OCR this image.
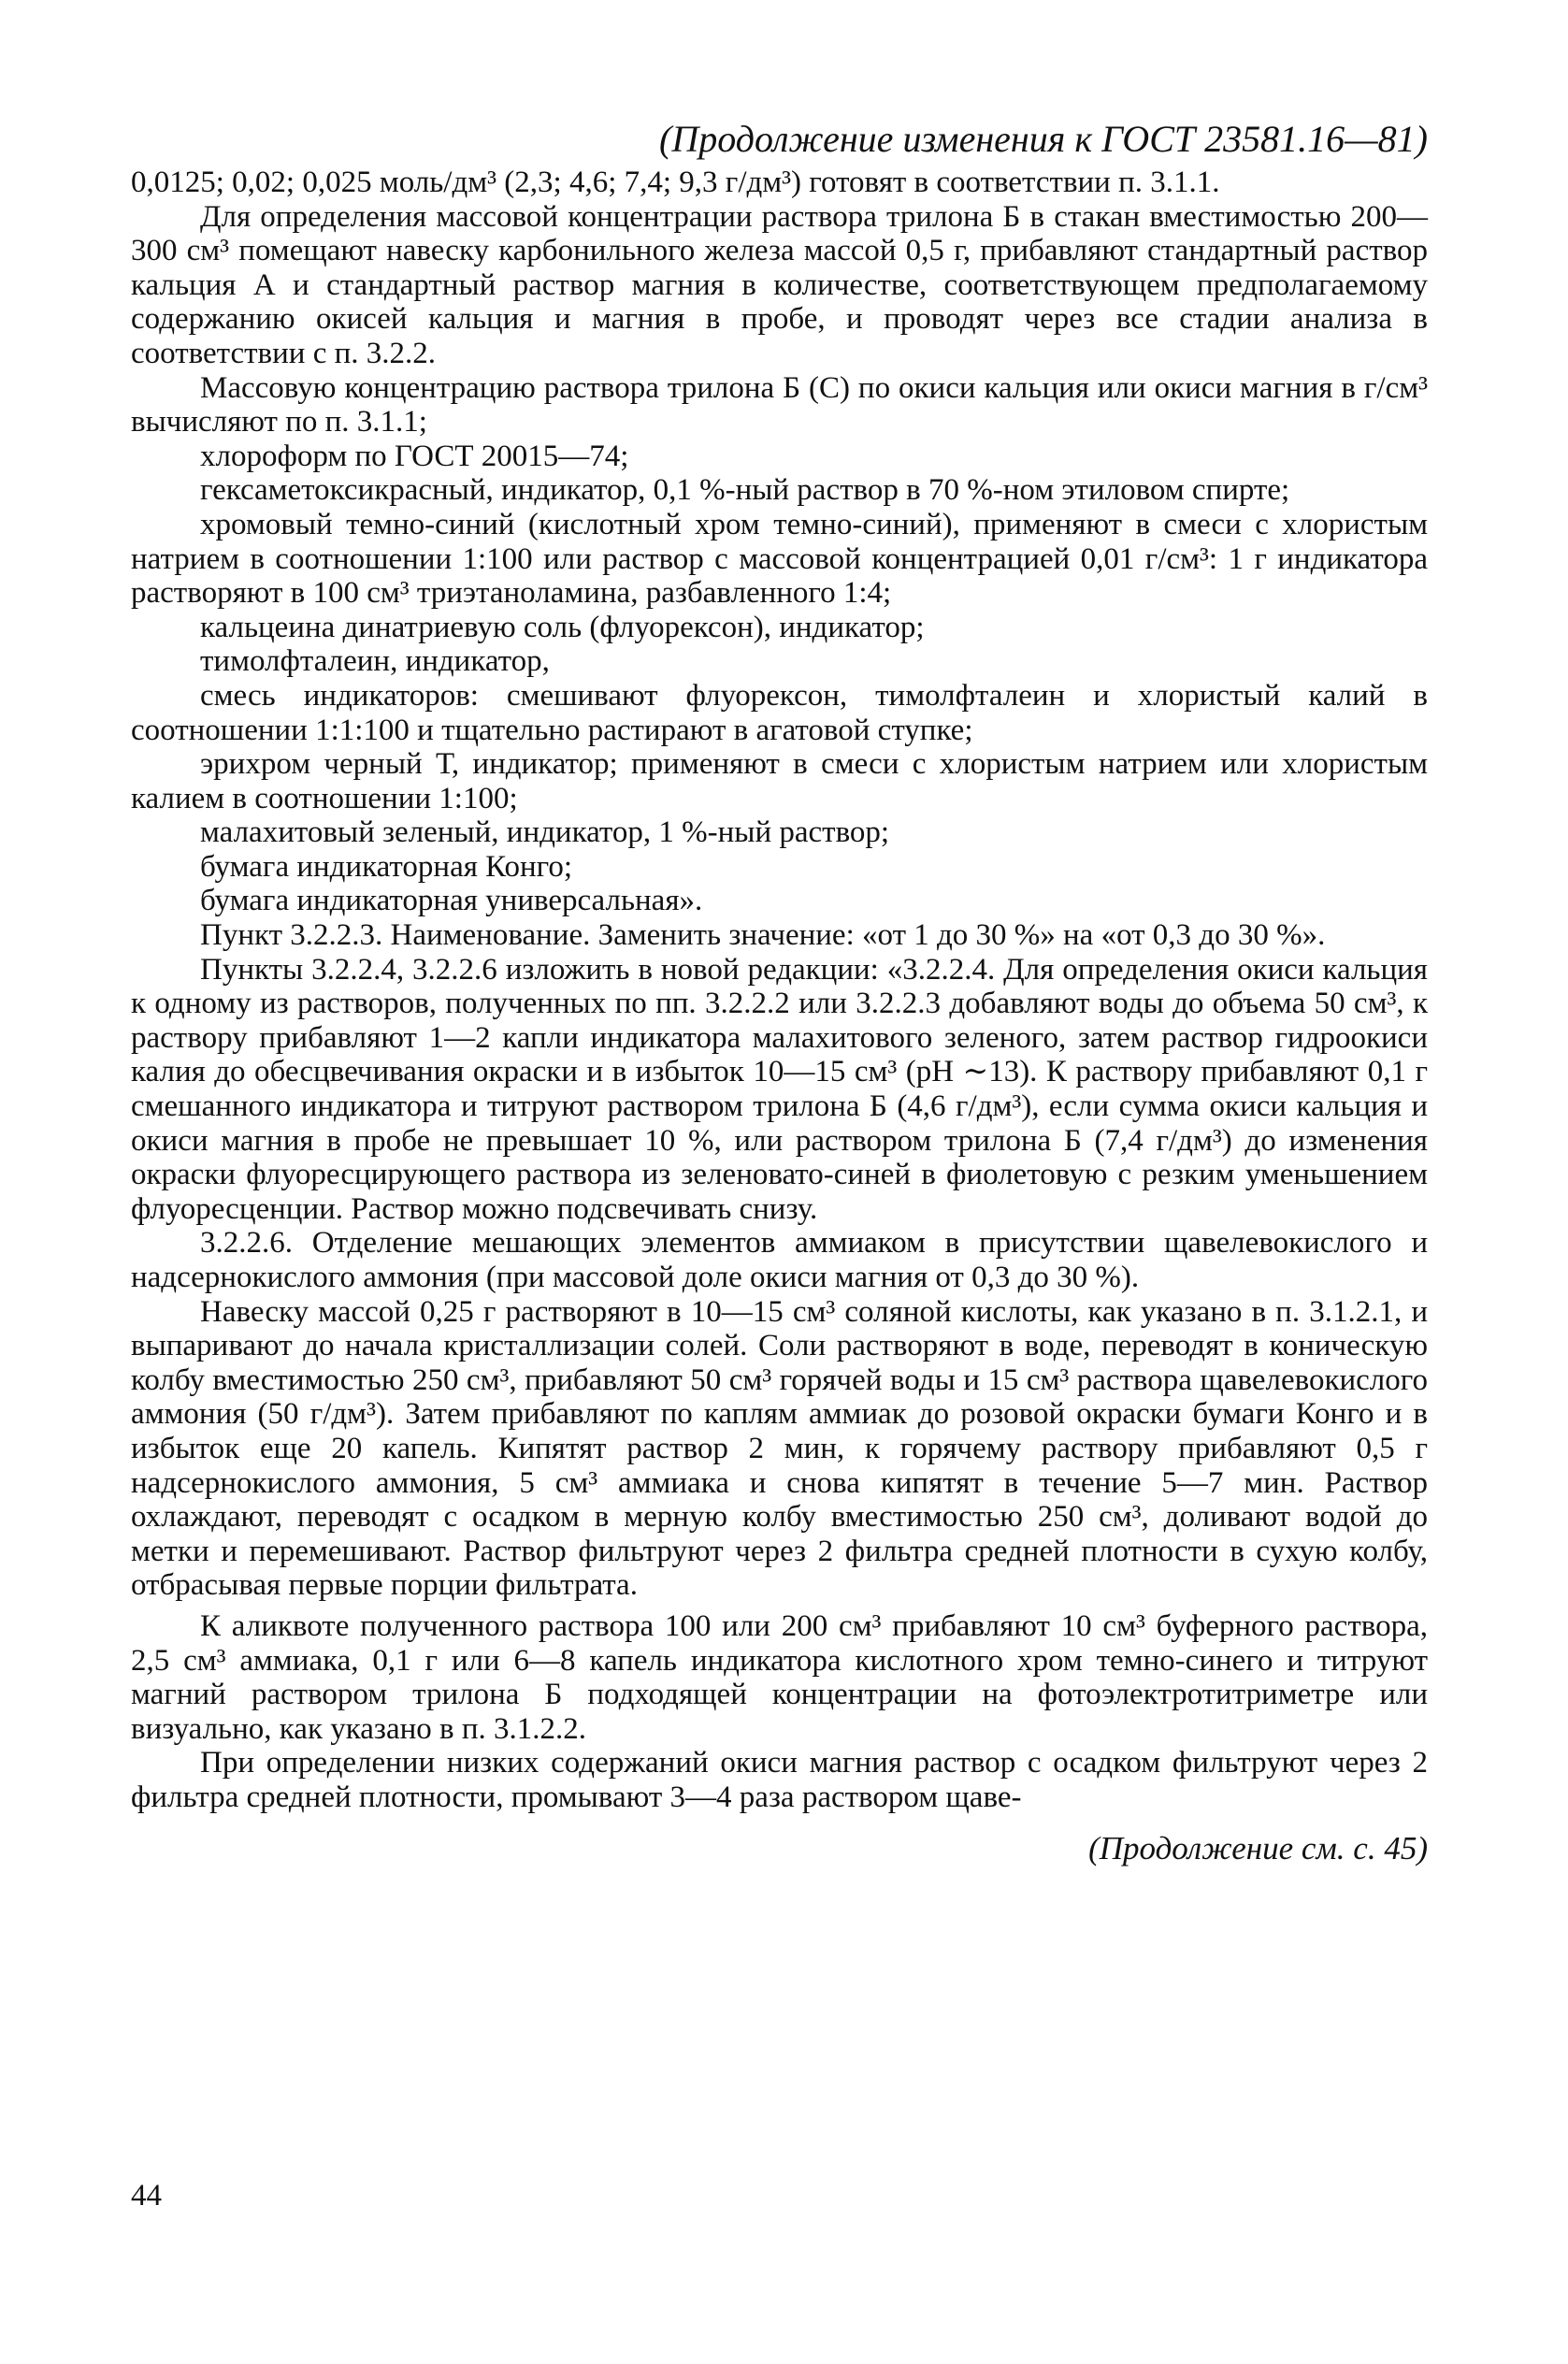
(Продолжение изменения к ГОСТ 23581.16—81)

0,0125; 0,02; 0,025 моль/дм³ (2,3; 4,6; 7,4; 9,3 г/дм³) готовят в соответствии п. 3.1.1.

Для определения массовой концентрации раствора трилона Б в стакан вместимостью 200—300 см³ помещают навеску карбонильного железа массой 0,5 г, прибавляют стандартный раствор кальция А и стандартный раствор магния в количестве, соответствующем предполагаемому содержанию окисей кальция и магния в пробе, и проводят через все стадии анализа в соответствии с п. 3.2.2.

Массовую концентрацию раствора трилона Б (С) по окиси кальция или окиси магния в г/см³ вычисляют по п. 3.1.1;

хлороформ по ГОСТ 20015—74;

гексаметоксикрасный, индикатор, 0,1 %-ный раствор в 70 %-ном этиловом спирте;

хромовый темно-синий (кислотный хром темно-синий), применяют в смеси с хлористым натрием в соотношении 1:100 или раствор с массовой концентрацией 0,01 г/см³: 1 г индикатора растворяют в 100 см³ триэтаноламина, разбавленного 1:4;

кальцеина динатриевую соль (флуорексон), индикатор;

тимолфталеин, индикатор,

смесь индикаторов: смешивают флуорексон, тимолфталеин и хлористый калий в соотношении 1:1:100 и тщательно растирают в агатовой ступке;

эрихром черный Т, индикатор; применяют в смеси с хлористым натрием или хлористым калием в соотношении 1:100;

малахитовый зеленый, индикатор, 1 %-ный раствор;

бумага индикаторная Конго;

бумага индикаторная универсальная».

Пункт 3.2.2.3. Наименование. Заменить значение: «от 1 до 30 %» на «от 0,3 до 30 %».

Пункты 3.2.2.4, 3.2.2.6 изложить в новой редакции: «3.2.2.4. Для определения окиси кальция к одному из растворов, полученных по пп. 3.2.2.2 или 3.2.2.3 добавляют воды до объема 50 см³, к раствору прибавляют 1—2 капли индикатора малахитового зеленого, затем раствор гидроокиси калия до обесцвечивания окраски и в избыток 10—15 см³ (pH ∼13). К раствору прибавляют 0,1 г смешанного индикатора и титруют раствором трилона Б (4,6 г/дм³), если сумма окиси кальция и окиси магния в пробе не превышает 10 %, или раствором трилона Б (7,4 г/дм³) до изменения окраски флуоресцирующего раствора из зеленовато-синей в фиолетовую с резким уменьшением флуоресценции. Раствор можно подсвечивать снизу.

3.2.2.6. Отделение мешающих элементов аммиаком в присутствии щавелевокислого и надсернокислого аммония (при массовой доле окиси магния от 0,3 до 30 %).

Навеску массой 0,25 г растворяют в 10—15 см³ соляной кислоты, как указано в п. 3.1.2.1, и выпаривают до начала кристаллизации солей. Соли растворяют в воде, переводят в коническую колбу вместимостью 250 см³, прибавляют 50 см³ горячей воды и 15 см³ раствора щавелевокислого аммония (50 г/дм³). Затем прибавляют по каплям аммиак до розовой окраски бумаги Конго и в избыток еще 20 капель. Кипятят раствор 2 мин, к горячему раствору прибавляют 0,5 г надсернокислого аммония, 5 см³ аммиака и снова кипятят в течение 5—7 мин. Раствор охлаждают, переводят с осадком в мерную колбу вместимостью 250 см³, доливают водой до метки и перемешивают. Раствор фильтруют через 2 фильтра средней плотности в сухую колбу, отбрасывая первые порции фильтрата.

К аликвоте полученного раствора 100 или 200 см³ прибавляют 10 см³ буферного раствора, 2,5 см³ аммиака, 0,1 г или 6—8 капель индикатора кислотного хром темно-синего и титруют магний раствором трилона Б подходящей концентрации на фотоэлектротитриметре или визуально, как указано в п. 3.1.2.2.

При определении низких содержаний окиси магния раствор с осадком фильтруют через 2 фильтра средней плотности, промывают 3—4 раза раствором щаве-

(Продолжение см. с. 45)
44
